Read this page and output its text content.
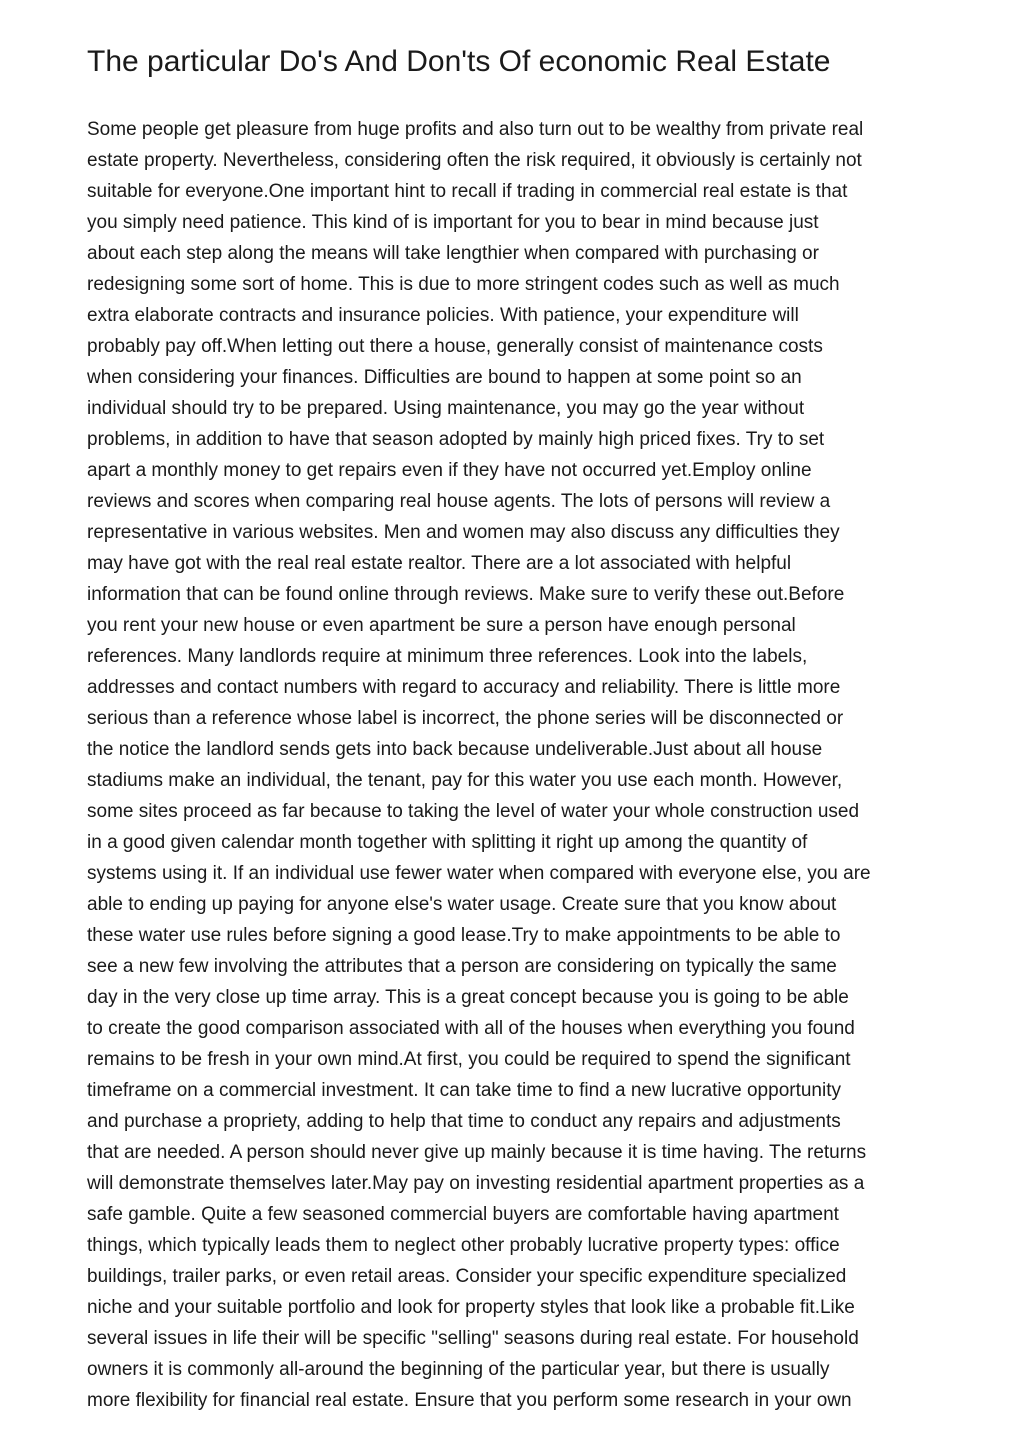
The particular Do's And Don'ts Of economic Real Estate
Some people get pleasure from huge profits and also turn out to be wealthy from private real
estate property. Nevertheless, considering often the risk required, it obviously is certainly not
suitable for everyone.One important hint to recall if trading in commercial real estate is that
you simply need patience. This kind of is important for you to bear in mind because just
about each step along the means will take lengthier when compared with purchasing or
redesigning some sort of home. This is due to more stringent codes such as well as much
extra elaborate contracts and insurance policies. With patience, your expenditure will
probably pay off.When letting out there a house, generally consist of maintenance costs
when considering your finances. Difficulties are bound to happen at some point so an
individual should try to be prepared. Using maintenance, you may go the year without
problems, in addition to have that season adopted by mainly high priced fixes. Try to set
apart a monthly money to get repairs even if they have not occurred yet.Employ online
reviews and scores when comparing real house agents. The lots of persons will review a
representative in various websites. Men and women may also discuss any difficulties they
may have got with the real real estate realtor. There are a lot associated with helpful
information that can be found online through reviews. Make sure to verify these out.Before
you rent your new house or even apartment be sure a person have enough personal
references. Many landlords require at minimum three references. Look into the labels,
addresses and contact numbers with regard to accuracy and reliability. There is little more
serious than a reference whose label is incorrect, the phone series will be disconnected or
the notice the landlord sends gets into back because undeliverable.Just about all house
stadiums make an individual, the tenant, pay for this water you use each month. However,
some sites proceed as far because to taking the level of water your whole construction used
in a good given calendar month together with splitting it right up among the quantity of
systems using it. If an individual use fewer water when compared with everyone else, you are
able to ending up paying for anyone else's water usage. Create sure that you know about
these water use rules before signing a good lease.Try to make appointments to be able to
see a new few involving the attributes that a person are considering on typically the same
day in the very close up time array. This is a great concept because you is going to be able
to create the good comparison associated with all of the houses when everything you found
remains to be fresh in your own mind.At first, you could be required to spend the significant
timeframe on a commercial investment. It can take time to find a new lucrative opportunity
and purchase a propriety, adding to help that time to conduct any repairs and adjustments
that are needed. A person should never give up mainly because it is time having. The returns
will demonstrate themselves later.May pay on investing residential apartment properties as a
safe gamble. Quite a few seasoned commercial buyers are comfortable having apartment
things, which typically leads them to neglect other probably lucrative property types: office
buildings, trailer parks, or even retail areas. Consider your specific expenditure specialized
niche and your suitable portfolio and look for property styles that look like a probable fit.Like
several issues in life their will be specific "selling" seasons during real estate. For household
owners it is commonly all-around the beginning of the particular year, but there is usually
more flexibility for financial real estate. Ensure that you perform some research in your own
